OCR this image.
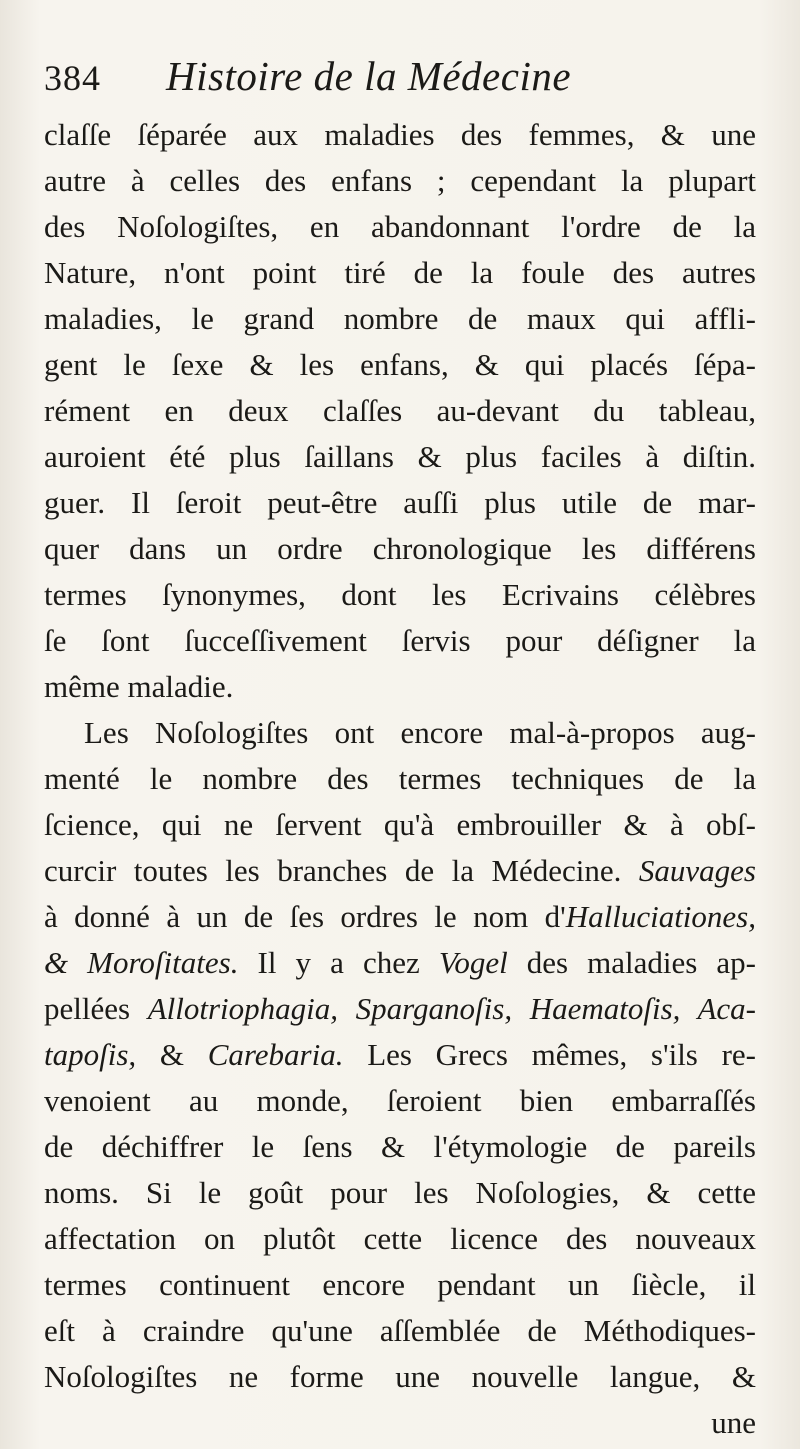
384	Histoire de la Médecine
claſſe ſéparée aux maladies des femmes, & une
autre à celles des enfans ; cependant la plupart
des Noſologiſtes, en abandonnant l'ordre de la
Nature, n'ont point tiré de la foule des autres
maladies, le grand nombre de maux qui affli-
gent le ſexe & les enfans, & qui placés ſépa-
rément en deux claſſes au-devant du tableau,
auroient été plus ſaillans & plus faciles à diſtin.
guer. Il ſeroit peut-être auſſi plus utile de mar-
quer dans un ordre chronologique les différens
termes ſynonymes, dont les Ecrivains célèbres
ſe ſont ſucceſſivement ſervis pour déſigner la
même maladie.
Les Noſologiſtes ont encore mal-à-propos aug-
menté le nombre des termes techniques de la
ſcience, qui ne ſervent qu'à embrouiller & à obſ-
curcir toutes les branches de la Médecine. Sauvages
à donné à un de ſes ordres le nom d'Halluciationes,
& Moroſitates. Il y a chez Vogel des maladies ap-
pellées Allotriophagia, Sparganoſis, Haematoſis, Aca-
tapoſis, & Carebaria. Les Grecs mêmes, s'ils re-
venoient au monde, ſeroient bien embarraſſés
de déchiffrer le ſens & l'étymologie de pareils
noms. Si le goût pour les Noſologies, & cette
affectation on plutôt cette licence des nouveaux
termes continuent encore pendant un ſiècle, il
eſt à craindre qu'une aſſemblée de Méthodiques-
Noſologiſtes ne forme une nouvelle langue, &
une
